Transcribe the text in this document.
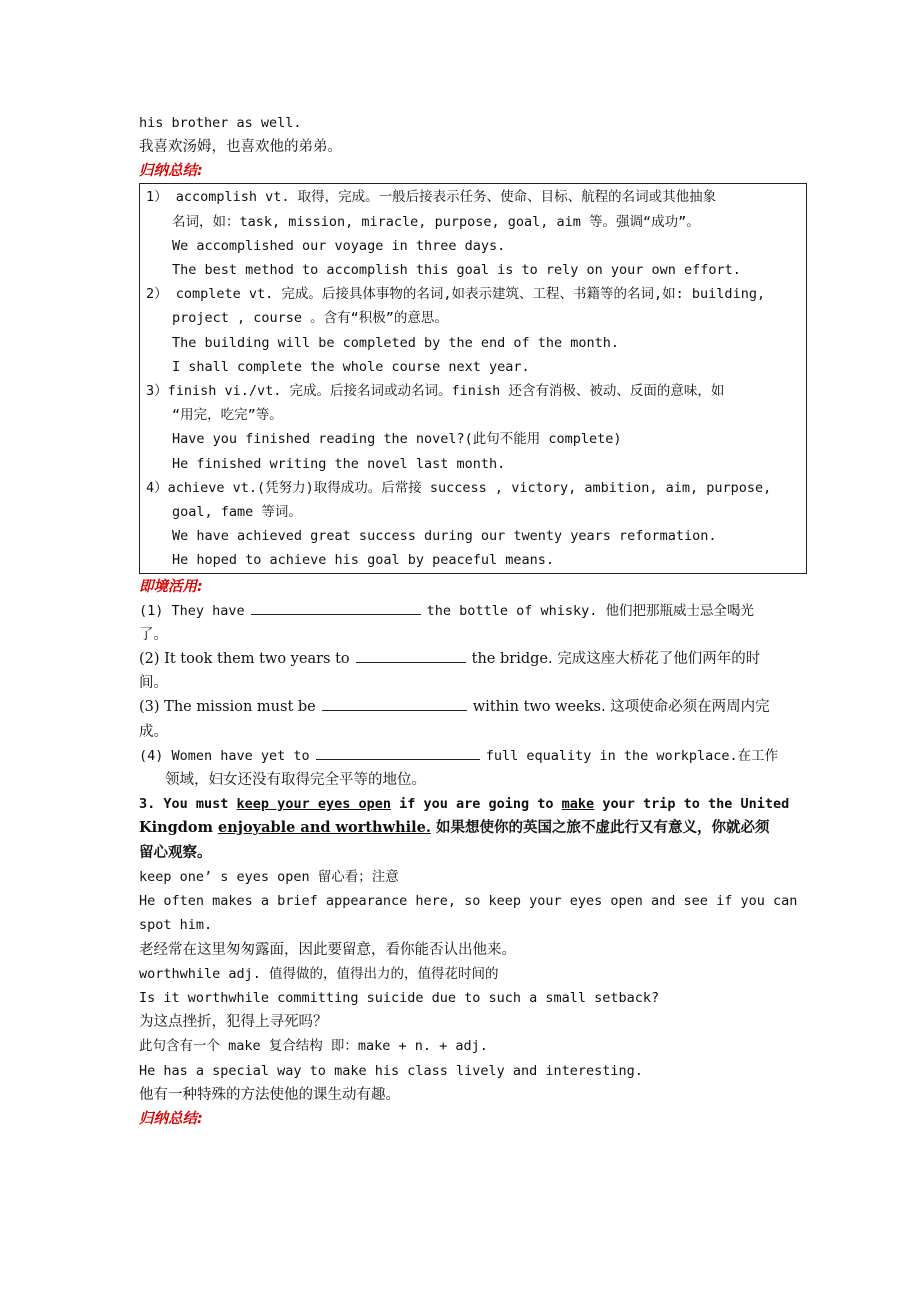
his brother as well.
我喜欢汤姆，也喜欢他的弟弟。
归纳总结:
1） accomplish vt. 取得，完成。一般后接表示任务、使命、目标、航程的名词或其他抽象
名词，如：task, mission, miracle, purpose, goal, aim 等。强调“成功”。
We accomplished our voyage in three days.
The best method to accomplish this goal is to rely on your own effort.
2） complete vt. 完成。后接具体事物的名词,如表示建筑、工程、书籍等的名词,如: building,
project , course 。含有“积极”的意思。
The building will be completed by the end of the month.
I shall complete the whole course next year.
3）finish vi./vt. 完成。后接名词或动名词。finish 还含有消极、被动、反面的意味，如
“用完，吃完”等。
Have you finished reading the novel?(此句不能用 complete)
He finished writing the novel last month.
4）achieve vt.(凭努力)取得成功。后常接 success , victory, ambition, aim, purpose,
goal, fame 等词。
We have achieved great success during our twenty years reformation.
He hoped to achieve his goal by peaceful means.
即境活用:
(1) They have	the bottle of whisky. 他们把那瓶威士忌全喝光
了。
(2) It took them two years to	the bridge. 完成这座大桥花了他们两年的时
间。
(3) The mission must be	within two weeks. 这项使命必须在两周内完
成。
(4) Women have yet to	full equality in the workplace.在工作
领域，妇女还没有取得完全平等的地位。
3. You must keep your eyes open if you are going to make your trip to the United
Kingdom enjoyable and worthwhile. 如果想使你的英国之旅不虚此行又有意义，你就必须
留心观察。
keep one’ s eyes open 留心看；注意
He often makes a brief appearance here, so keep your eyes open and see if you can
spot him.
老经常在这里匆匆露面，因此要留意，看你能否认出他来。
worthwhile adj. 值得做的，值得出力的，值得花时间的
Is it worthwhile committing suicide due to such a small setback?
为这点挫折，犯得上寻死吗？
此句含有一个 make 复合结构 即：make + n. + adj.
He has a special way to make his class lively and interesting.
他有一种特殊的方法使他的课生动有趣。
归纳总结:
